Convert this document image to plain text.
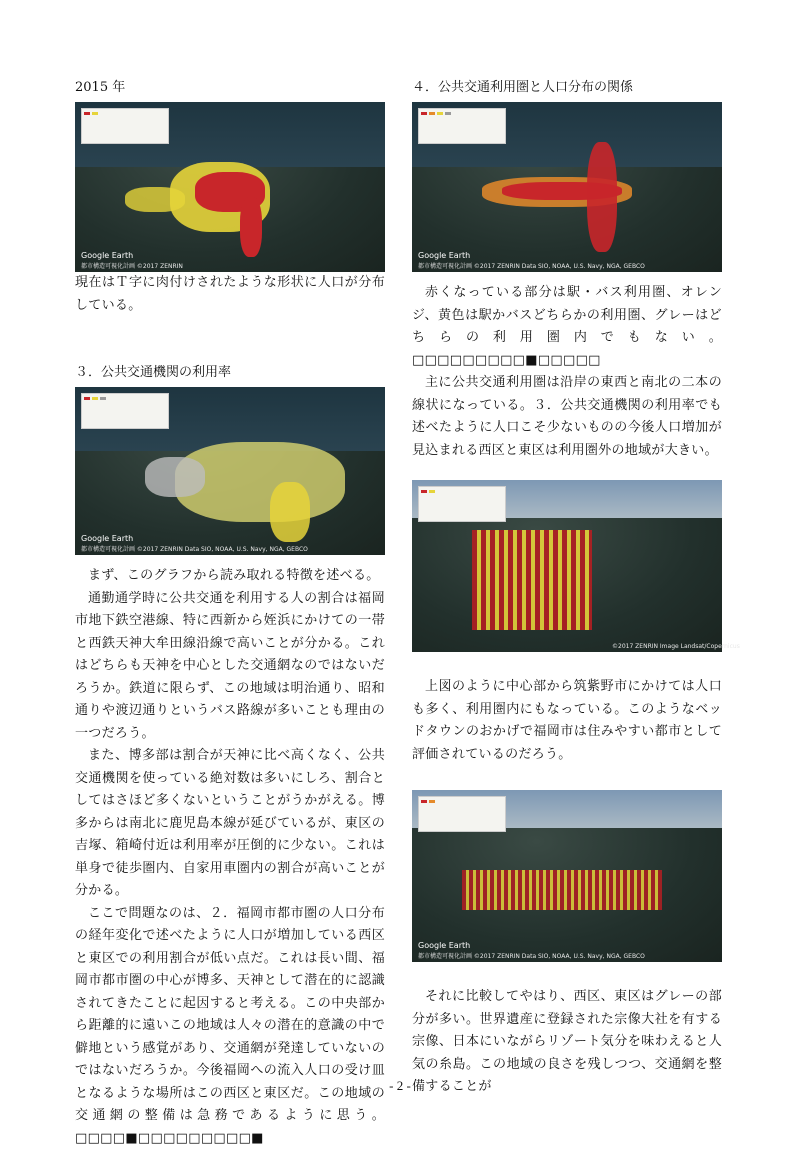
2015 年

Google Earth
都市構造可視化計画 ©2017 ZENRIN

現在はＴ字に肉付けされたような形状に人口が分布している。

３．公共交通機関の利用率

Google Earth
都市構造可視化計画 ©2017 ZENRIN Data SIO, NOAA, U.S. Navy, NGA, GEBCO

まず、このグラフから読み取れる特徴を述べる。

通勤通学時に公共交通を利用する人の割合は福岡市地下鉄空港線、特に西新から姪浜にかけての一帯と西鉄天神大牟田線沿線で高いことが分かる。これはどちらも天神を中心とした交通網なのではないだろうか。鉄道に限らず、この地域は明治通り、昭和通りや渡辺通りというバス路線が多いことも理由の一つだろう。

また、博多部は割合が天神に比べ高くなく、公共交通機関を使っている絶対数は多いにしろ、割合としてはさほど多くないということがうかがえる。博多からは南北に鹿児島本線が延びているが、東区の吉塚、箱崎付近は利用率が圧倒的に少ない。これは単身で徒歩圏内、自家用車圏内の割合が高いことが分かる。

ここで問題なのは、２．福岡市都市圏の人口分布の経年変化で述べたように人口が増加している西区と東区での利用割合が低い点だ。これは長い間、福岡市都市圏の中心が博多、天神として潜在的に認識されてきたことに起因すると考える。この中央部から距離的に遠いこの地域は人々の潜在的意識の中で僻地という感覚があり、交通網が発達していないのではないだろうか。今後福岡への流入人口の受け皿となるような場所はこの西区と東区だ。この地域の交通網の整備は急務であるように思う。□□□□■□□□□□□□□□■

４．公共交通利用圏と人口分布の関係

Google Earth
都市構造可視化計画 ©2017 ZENRIN Data SIO, NOAA, U.S. Navy, NGA, GEBCO

赤くなっている部分は駅・バス利用圏、オレンジ、黄色は駅かバスどちらかの利用圏、グレーはどちらの利用圏内でもない。□□□□□□□□□■□□□□□

主に公共交通利用圏は沿岸の東西と南北の二本の線状になっている。３．公共交通機関の利用率でも述べたように人口こそ少ないものの今後人口増加が見込まれる西区と東区は利用圏外の地域が大きい。

©2017 ZENRIN Image Landsat/Copernicus

上図のように中心部から筑紫野市にかけては人口も多く、利用圏内にもなっている。このようなベッドタウンのおかげで福岡市は住みやすい都市として評価されているのだろう。

Google Earth
都市構造可視化計画 ©2017 ZENRIN Data SIO, NOAA, U.S. Navy, NGA, GEBCO

それに比較してやはり、西区、東区はグレーの部分が多い。世界遺産に登録された宗像大社を有する宗像、日本にいながらリゾート気分を味わえると人気の糸島。この地域の良さを残しつつ、交通網を整備することが

- 2 -
